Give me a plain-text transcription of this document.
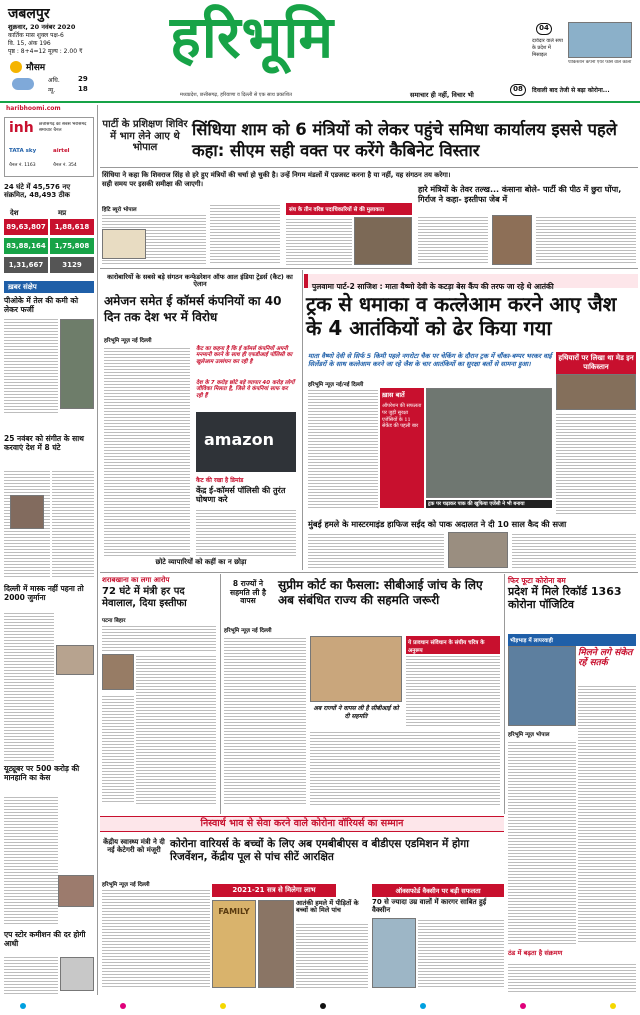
जबलपुर
शुक्रवार, 20 नवंबर 2020
कार्तिक मास शुक्ल पक्ष-6
वि. 15, अंक 196
पृष्ठ : 8+4=12 मूल्य : 2.00 ₹
मौसम
अधि.	29
न्यू.	18
हरिभूमि
मध्यप्रदेश, छत्तीसगढ़, हरियाणा व दिल्ली से एक साथ प्रकाशित	समाचार ही नहीं, विचार भी
04
दावेदार वाले सपा के प्रदेश में मिसाइल
पाकिस्तान कंपनी एयर फोर्स वाले काला
08	दिवाली बाद तेजी से बढ़ा कोरोना...
haribhoomi.com
inh छत्तीसगढ़ का सबसे भरोसेमंद समाचार चैनल
TATA sky	airtel
चैनल नं. 1163	चैनल नं. 354
24 घंटे में 45,576 नए संक्रमित, 48,493 ठीक
देश	मप्र
89,63,807	1,88,618
83,88,164	1,75,808
1,31,667	3129
ख़बर संक्षेप
पीओके में तेल की कमी को लेकर फर्जी
25 नवंबर को संगीत के साथ करवाएं देश में 8 घंटे
दिल्ली में मास्क नहीं पहना तो 2000 जुर्माना
यूट्यूबर पर 500 करोड़ की मानहानि का केस
एप स्टोर कमीशन की दर होगी आधी
पार्टी के प्रशिक्षण शिविर में भाग लेने आए थे भोपाल
सिंधिया शाम को 6 मंत्रियों को लेकर पहुंचे समिधा कार्यालय इससे पहले कहा: सीएम सही वक्त पर करेंगे कैबिनेट विस्तार
सिंधिया ने कहा कि शिवराज सिंह से हरे हुए मंत्रियों की चर्चा हो चुकी है। उन्हें निगम मंडलों में एडजस्ट करना है या नहीं, यह संगठन तय करेगा। सही समय पर इसकी समीक्षा की जाएगी।
हिटि ब्यूरो भोपाल	संघ के तीन वरिष्ठ पदाधिकारियों से की मुलाकात
हारे मंत्रियों के तेवर तल्ख... कंसाना बोले- पार्टी की पीठ में छुरा घोंपा, गिर्राज ने कहा- इस्तीफा जेब में
कारोबारियों के सबसे बड़े संगठन कन्फेडरेशन ऑफ आल इंडिया ट्रेडर्स (कैट) का ऐलान
अमेजन समेत ई कॉमर्स कंपनियों का 40 दिन तक देश भर में विरोध
हरिभूमि न्यूज़ नई दिल्ली
कैट का कहना है कि ई कॉमर्स कंपनियों अपनी मनमानी करने के साथ ही एफडीआई पॉलिसी का खुलेआम उल्लंघन कर रही है
देश के 7 करोड़ छोटे बड़े व्यापार 40 करोड़ लोगों जीविका मिलता है, जिसे ये कंपनियां साफ कर रही हैं
amazon
कैट की रखा है डिमांड
केंद्र ई-कॉमर्स पॉलिसी की तुरंत घोषणा करे
छोटे व्यापारियों को कहीं का न छोड़ा
पुलवामा पार्ट-2 साजिश : माता वैष्णो देवी के कटड़ा बेस कैंप की तरफ जा रहे थे आतंकी
ट्रक से धमाका व कत्लेआम करने आए जैश के 4 आतंकियों को ढेर किया गया
माता वैष्णो देवी से सिर्फ 5 किमी पहले नगरोटा चैक पर चेकिंग के दौरान ट्रक में चौंका-बम्पर भरकर वाई सिलेंडरों के साथ कत्लेआम करने जा रहे जैश के चार आतंकियों का सुरक्षा बलों से सामना हुआ।
हरिभूमि न्यूज़ नई/नई दिल्ली
ख़ास बातें
ऑपरेशन की सफलता पर जुड़ी सुरक्षा एजेंसियों के 11 सेकेंड की पहली बार
ट्रक पर चढ़ाकर पाक की खुफिया एजेंसी ने भी बनाया
हथियारों पर लिखा था मेड इन पाकिस्तान
मुंबई हमले के मास्टरमाइंड हाफिज सईद को पाक अदालत ने दी 10 साल कैद की सजा
शराबखाना का लगा आरोप
72 घंटे में मंत्री हर पद मेवालाल, दिया इस्तीफा
पटना बिहार
8 राज्यों ने सहमति ली है वापस
सुप्रीम कोर्ट का फैसला: सीबीआई जांच के लिए अब संबंधित राज्य की सहमति जरूरी
हरिभूमि न्यूज़ नई दिल्ली
अब राज्यों ने वापस ली है सीबीआई को दी सहमति
ये प्रावधान संविधान के संघीय चरित्र के अनुरूप
फिर फूटा कोरोना बम
प्रदेश में मिले रिकॉर्ड 1363 कोरोना पॉजिटिव
भीड़भाड़ में लापरवाही
मिलने लगे संकेत रहें सतर्क
हरिभूमि न्यूज़ भोपाल
ठंड में बढ़ता है संक्रमण
निस्वार्थ भाव से सेवा करने वाले कोरोना वॉरियर्स का सम्मान
केंद्रीय स्वास्थ्य मंत्री ने दी नई केटेगरी को मंजूरी
कोरोना वारियर्स के बच्चों के लिए अब एमबीबीएस व बीडीएस एडमिशन में होगा रिजर्वेशन, केंद्रीय पूल से पांच सीटें आरक्षित
हरिभूमि न्यूज़ नई दिल्ली
2021-21 सत्र से मिलेगा लाभ
FAMILY
आतंकी हमले में पीड़ितों के बच्चों को मिले पांच
ऑक्सफोर्ड वैक्सीन पर बड़ी सफलता
70 से ज्यादा उम्र वालों में कारगर साबित हुई वैक्सीन
